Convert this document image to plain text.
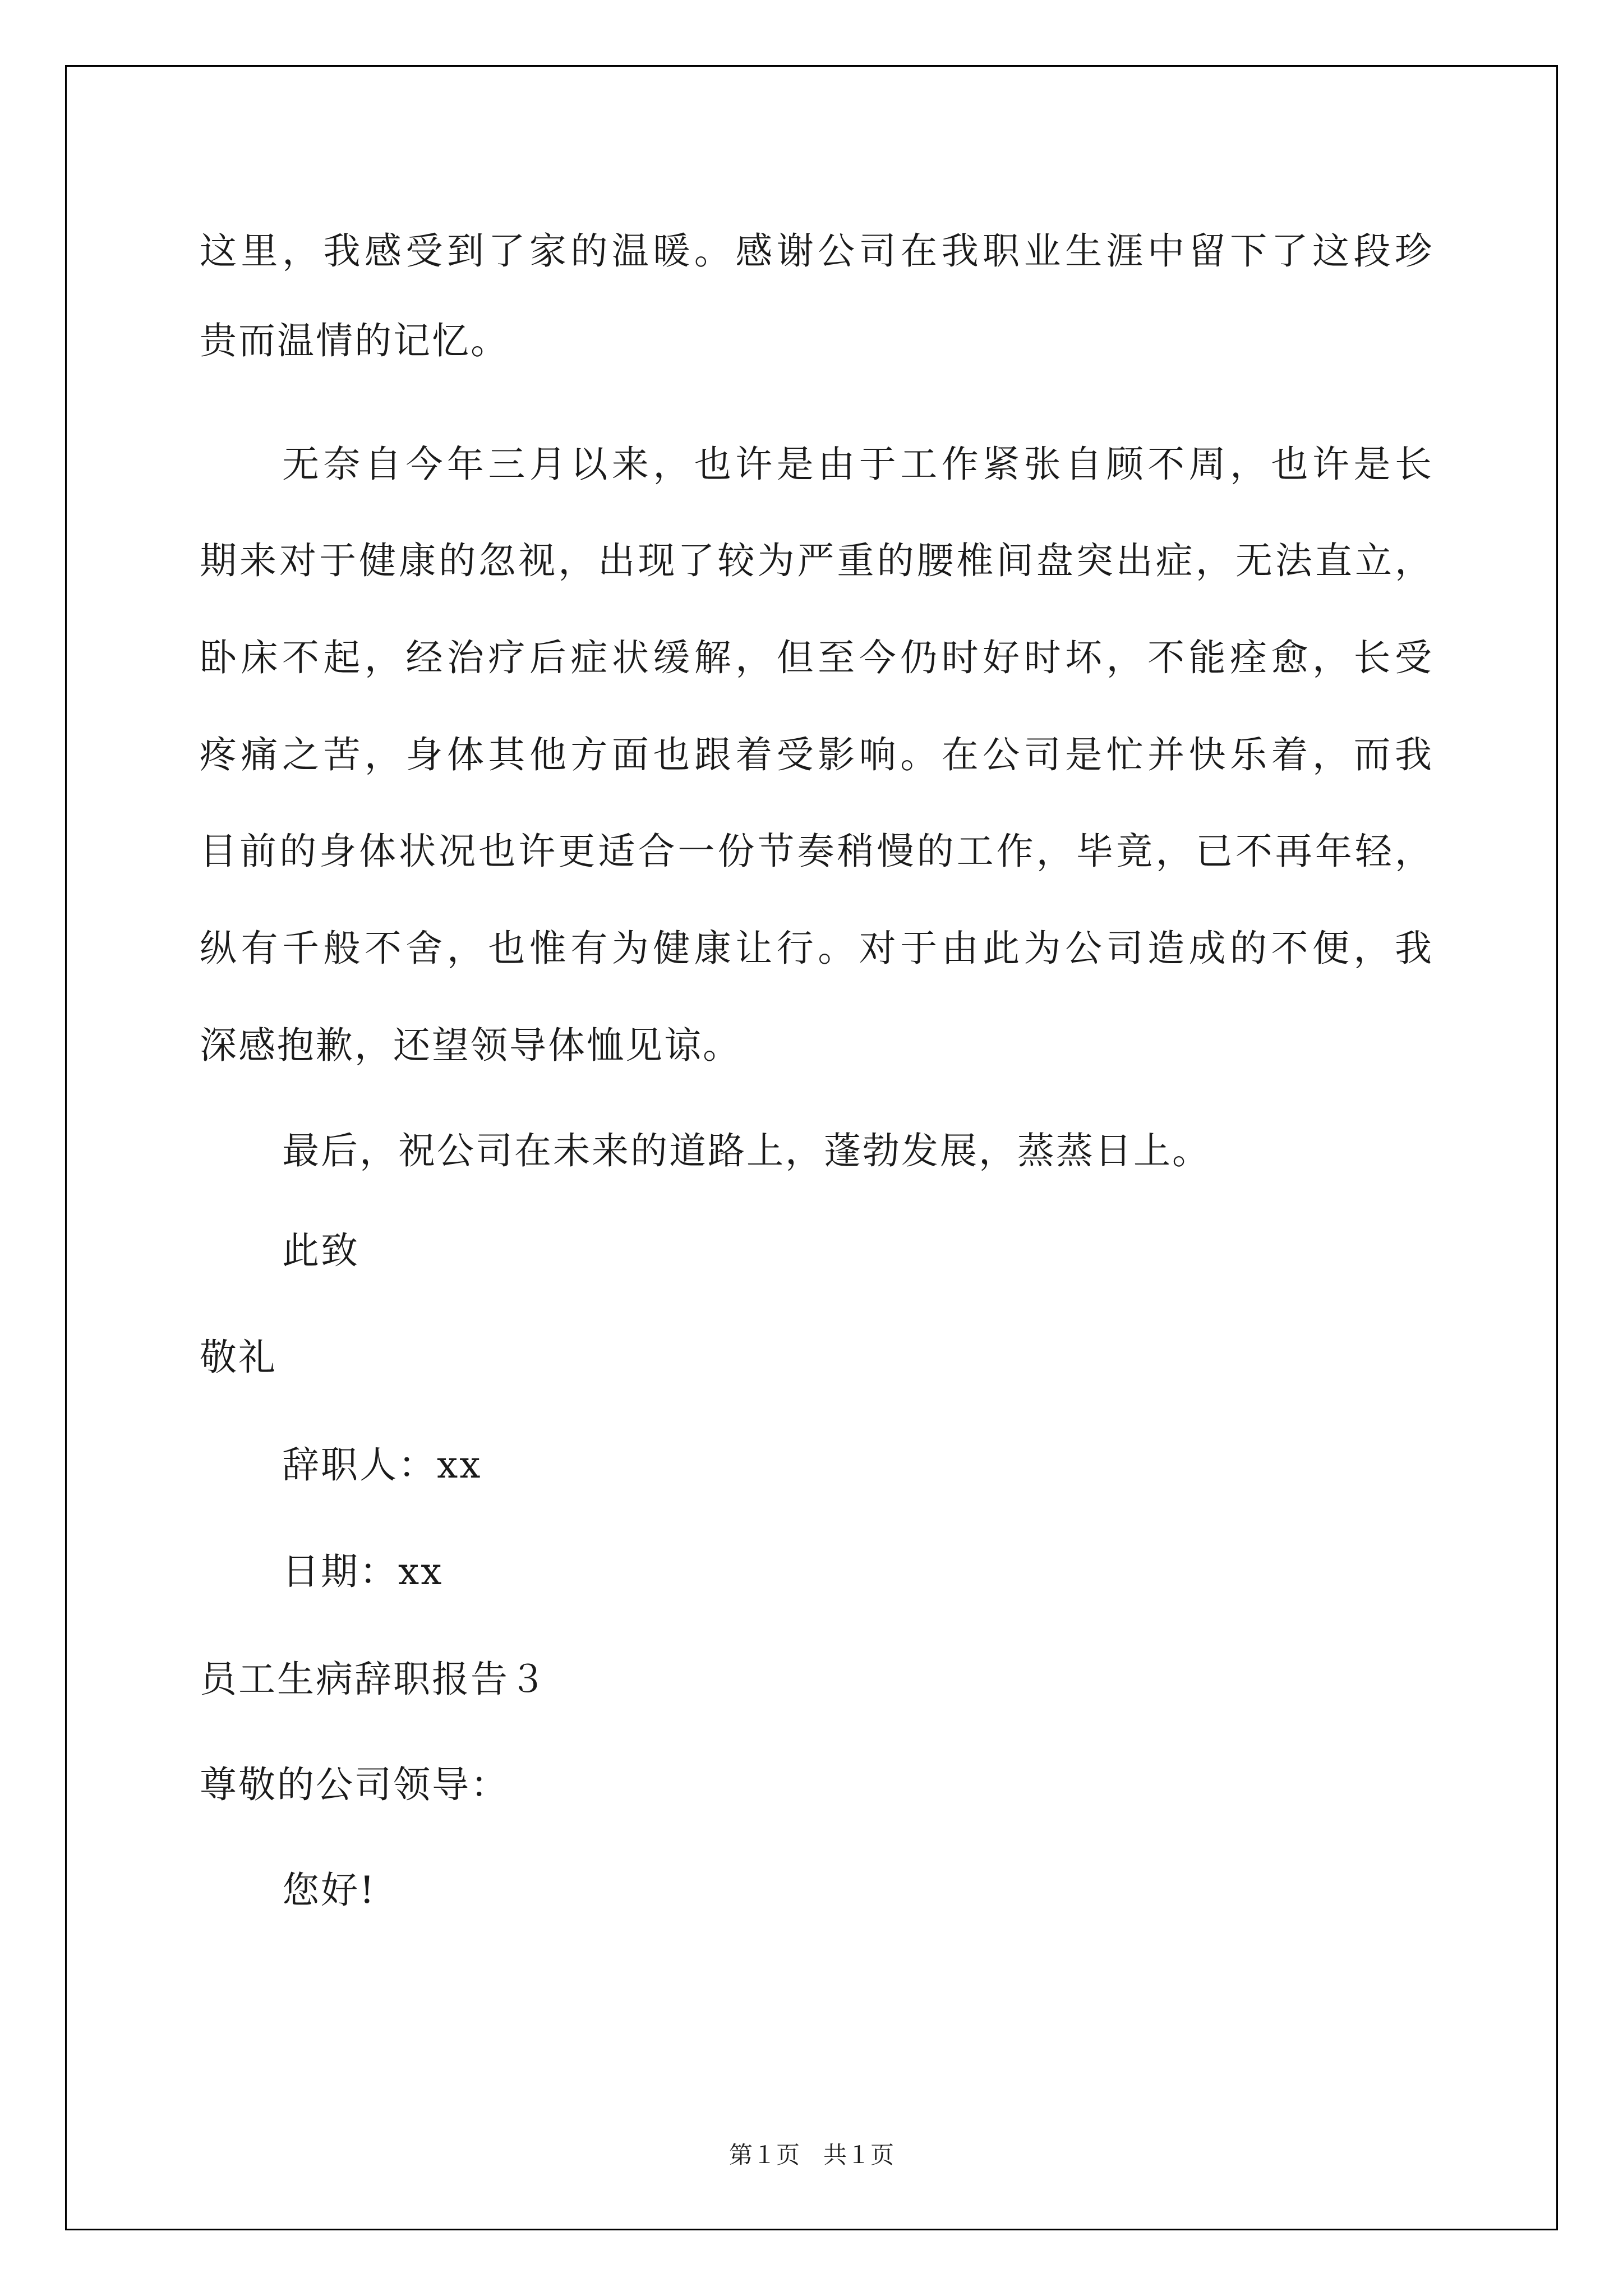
这里，我感受到了家的温暖。感谢公司在我职业生涯中留下了这段珍
贵而温情的记忆。
无奈自今年三月以来，也许是由于工作紧张自顾不周，也许是长
期来对于健康的忽视，出现了较为严重的腰椎间盘突出症，无法直立，
卧床不起，经治疗后症状缓解，但至今仍时好时坏，不能痊愈，长受
疼痛之苦，身体其他方面也跟着受影响。在公司是忙并快乐着，而我
目前的身体状况也许更适合一份节奏稍慢的工作，毕竟，已不再年轻，
纵有千般不舍，也惟有为健康让行。对于由此为公司造成的不便，我
深感抱歉，还望领导体恤见谅。
最后，祝公司在未来的道路上，蓬勃发展，蒸蒸日上。
此致
敬礼
辞职人：xx
日期：xx
员工生病辞职报告３
尊敬的公司领导：
您好!
第１页　共１页
